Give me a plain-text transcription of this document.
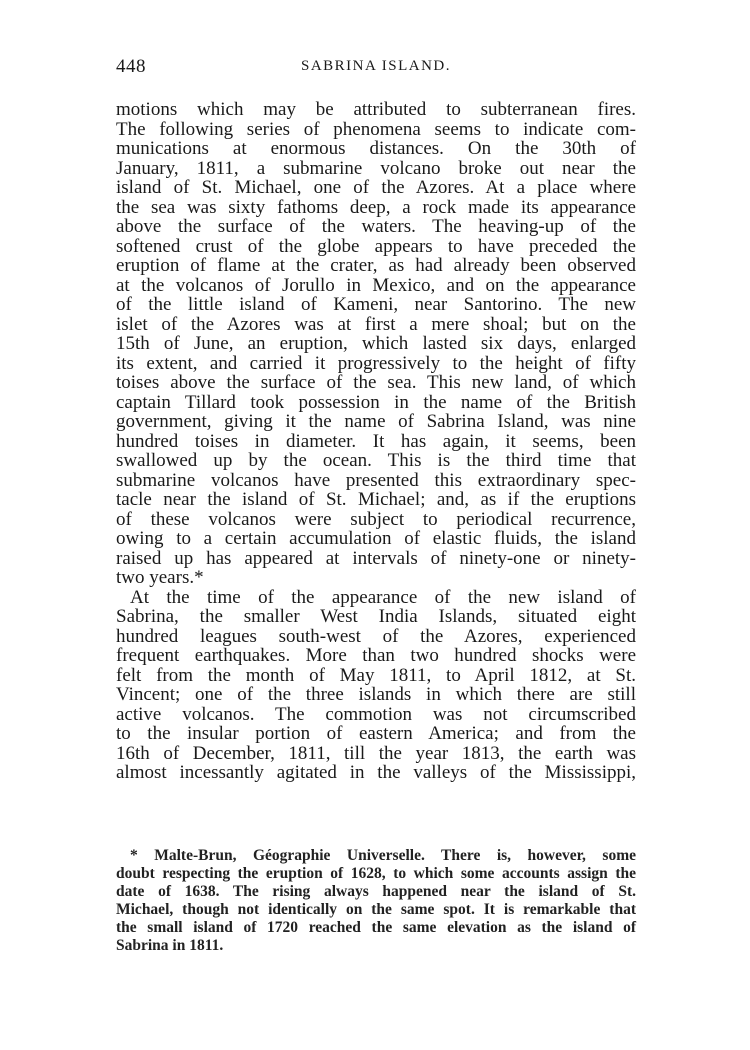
448	SABRINA ISLAND.
motions which may be attributed to subterranean fires.
The following series of phenomena seems to indicate com-
munications at enormous distances. On the 30th of
January, 1811, a submarine volcano broke out near the
island of St. Michael, one of the Azores. At a place where
the sea was sixty fathoms deep, a rock made its appearance
above the surface of the waters. The heaving-up of the
softened crust of the globe appears to have preceded the
eruption of flame at the crater, as had already been observed
at the volcanos of Jorullo in Mexico, and on the appearance
of the little island of Kameni, near Santorino. The new
islet of the Azores was at first a mere shoal; but on the
15th of June, an eruption, which lasted six days, enlarged
its extent, and carried it progressively to the height of fifty
toises above the surface of the sea. This new land, of which
captain Tillard took possession in the name of the British
government, giving it the name of Sabrina Island, was nine
hundred toises in diameter. It has again, it seems, been
swallowed up by the ocean. This is the third time that
submarine volcanos have presented this extraordinary spec-
tacle near the island of St. Michael; and, as if the eruptions
of these volcanos were subject to periodical recurrence,
owing to a certain accumulation of elastic fluids, the island
raised up has appeared at intervals of ninety-one or ninety-
two years.*
At the time of the appearance of the new island of
Sabrina, the smaller West India Islands, situated eight
hundred leagues south-west of the Azores, experienced
frequent earthquakes. More than two hundred shocks were
felt from the month of May 1811, to April 1812, at St.
Vincent; one of the three islands in which there are still
active volcanos. The commotion was not circumscribed
to the insular portion of eastern America; and from the
16th of December, 1811, till the year 1813, the earth was
almost incessantly agitated in the valleys of the Mississippi,
* Malte-Brun, Géographie Universelle. There is, however, some
doubt respecting the eruption of 1628, to which some accounts assign the
date of 1638. The rising always happened near the island of St.
Michael, though not identically on the same spot. It is remarkable that
the small island of 1720 reached the same elevation as the island of
Sabrina in 1811.
